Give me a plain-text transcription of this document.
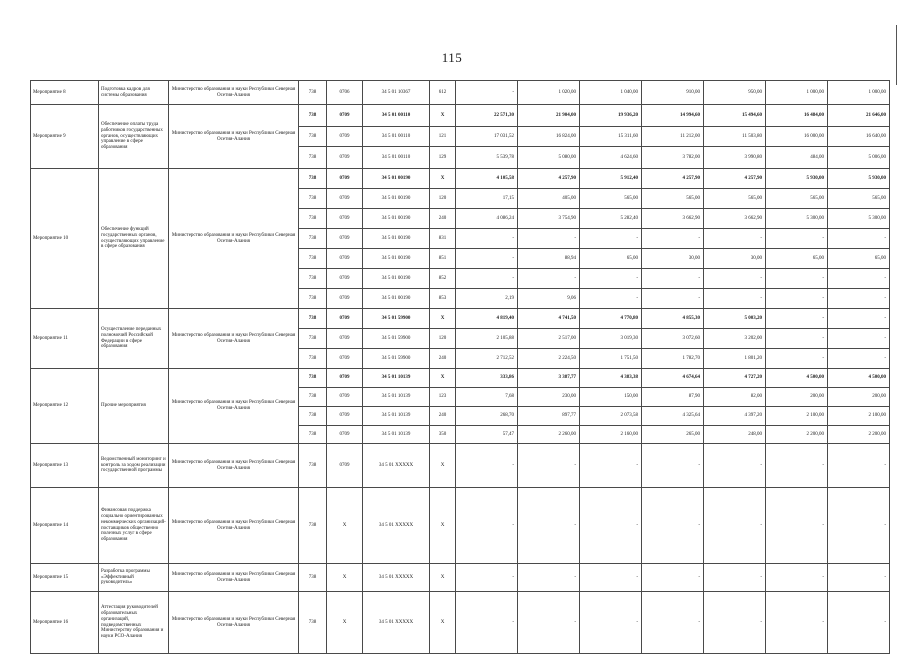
115
Мероприятие 8	Подготовка кадров для системы образования	Министерство образования и науки Республики Северная Осетия-Алания	738	0706	34 5 01 10367	612	-	1 020,00	1 040,00	910,00	950,00	1 000,00	1 000,00
Мероприятие 9	Обеспечение оплаты труда работников государственных органов, осуществляющих управление в сфере образования	Министерство образования и науки Республики Северная Осетия-Алания	738	0709	34 5 01 00110	X	22 571,30	21 904,00	19 936,20	14 994,60	15 494,60	16 484,00	21 646,00
			738	0709	34 5 01 00110	121	17 031,52	16 824,00	15 311,60	11 212,00	11 503,80	16 000,00	16 640,00
			738	0709	34 5 01 00110	129	5 539,78	5 080,00	4 624,60	3 782,00	3 990,80	484,00	5 006,00
Мероприятие 10	Обеспечение функций государственных органов, осуществляющих управление в сфере образования	Министерство образования и науки Республики Северная Осетия-Алания	738	0709	34 5 01 00190	X	4 105,58	4 257,90	5 912,40	4 257,90	4 257,90	5 930,00	5 930,00
			738	0709	34 5 01 00190	120	17,15	405,00	565,00	565,00	565,00	565,00	565,00
			738	0709	34 5 01 00190	240	4 086,24	3 754,90	5 282,40	3 662,90	3 662,90	5 300,00	5 300,00
			738	0709	34 5 01 00190	831	-	-	-	-	-	-	-
			738	0709	34 5 01 00190	851	-	88,94	65,00	30,00	30,00	65,00	65,00
			738	0709	34 5 01 00190	852	-	-	-	-	-	-	-
			738	0709	34 5 01 00190	853	2,19	9,06	-	-	-	-	-
Мероприятие 11	Осуществление переданных полномочий Российской Федерации в сфере образования	Министерство образования и науки Республики Северная Осетия-Алания	738	0709	34 5 01 59900	X	4 819,40	4 741,50	4 770,80	4 855,30	5 003,20	-	-
			738	0709	34 5 01 59900	120	2 105,88	2 517,00	3 019,30	3 072,60	3 202,00	-	-
			738	0709	34 5 01 59900	240	2 712,52	2 224,50	1 751,50	1 782,70	1 801,20	-	-
Мероприятие 12	Прочие мероприятия	Министерство образования и науки Республики Северная Осетия-Алания	738	0709	34 5 01 10139	X	333,86	3 387,77	4 383,38	4 674,64	4 727,20	4 500,00	4 500,00
			738	0709	34 5 01 10139	123	7,68	230,00	150,00	87,90	82,00	200,00	200,00
			738	0709	34 5 01 10139	240	268,70	897,77	2 073,58	4 325,64	4 397,20	2 100,00	2 100,00
			738	0709	34 5 01 10139	350	57,47	2 260,00	2 160,00	265,00	248,00	2 200,00	2 200,00
Мероприятие 13	Ведомственный мониторинг и контроль за ходом реализации государственной программы	Министерство образования и науки Республики Северная Осетия-Алания	738	0709	34 5 01 XXXXX	X	-	-	-	-	-	-	-
Мероприятие 14	Финансовая поддержка социально ориентированных некоммерческих организаций-поставщиков общественно полезных услуг в сфере образования	Министерство образования и науки Республики Северная Осетия-Алания	738	X	34 5 01 XXXXX	X	-	-	-	-	-	-	-
Мероприятие 15	Разработка программы «Эффективный руководитель»	Министерство образования и науки Республики Северная Осетия-Алания	738	X	34 5 01 XXXXX	X	-	-	-	-	-	-	-
Мероприятие 16	Аттестация руководителей образовательных организаций, подведомственных Министерству образования и науки РСО-Алания	Министерство образования и науки Республики Северная Осетия-Алания	738	X	34 5 01 XXXXX	X	-	-	-	-	-	-	-
